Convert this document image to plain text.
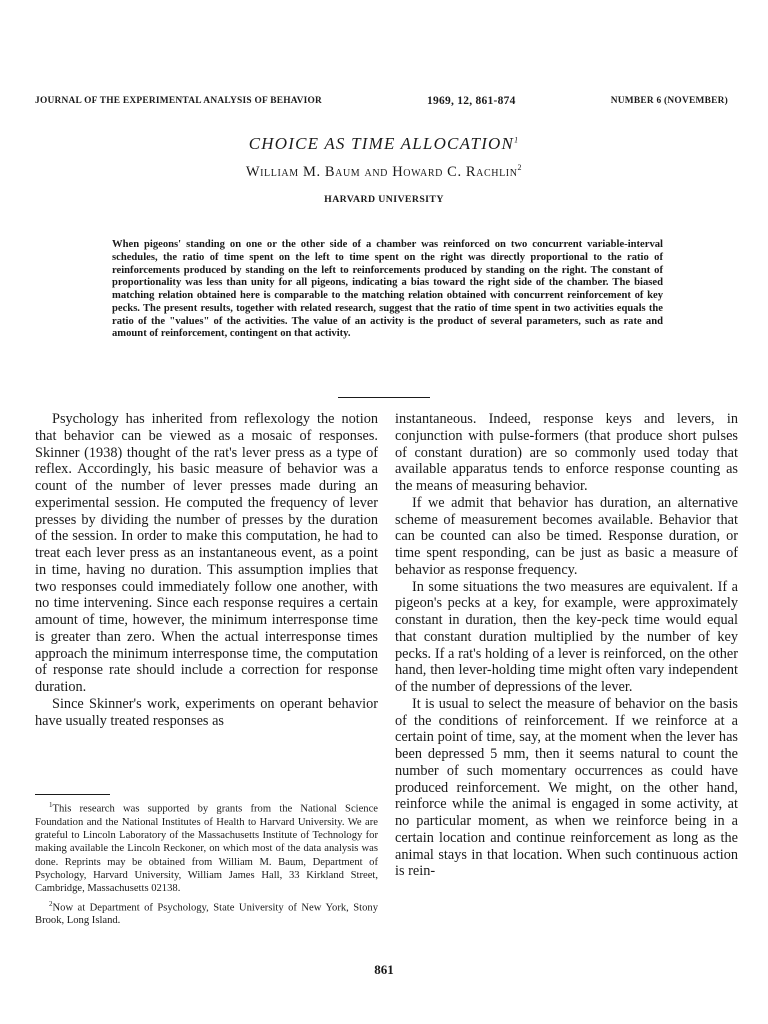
JOURNAL OF THE EXPERIMENTAL ANALYSIS OF BEHAVIOR	1969, 12, 861-874	NUMBER 6 (NOVEMBER)
CHOICE AS TIME ALLOCATION$^1$
William M. Baum and Howard C. Rachlin$^2$
HARVARD UNIVERSITY
When pigeons' standing on one or the other side of a chamber was reinforced on two concurrent variable-interval schedules, the ratio of time spent on the left to time spent on the right was directly proportional to the ratio of reinforcements produced by standing on the left to reinforcements produced by standing on the right. The constant of proportionality was less than unity for all pigeons, indicating a bias toward the right side of the chamber. The biased matching relation obtained here is comparable to the matching relation obtained with concurrent reinforcement of key pecks. The present results, together with related research, suggest that the ratio of time spent in two activities equals the ratio of the "values" of the activities. The value of an activity is the product of several parameters, such as rate and amount of reinforcement, contingent on that activity.

Psychology has inherited from reflexology the notion that behavior can be viewed as a mosaic of responses. Skinner (1938) thought of the rat's lever press as a type of reflex. Accordingly, his basic measure of behavior was a count of the number of lever presses made during an experimental session. He computed the frequency of lever presses by dividing the number of presses by the duration of the session. In order to make this computation, he had to treat each lever press as an instantaneous event, as a point in time, having no duration. This assumption implies that two responses could immediately follow one another, with no time intervening. Since each response requires a certain amount of time, however, the minimum interresponse time is greater than zero. When the actual interresponse times approach the minimum interresponse time, the computation of response rate should include a correction for response duration.

Since Skinner's work, experiments on operant behavior have usually treated responses as

$^1$This research was supported by grants from the National Science Foundation and the National Institutes of Health to Harvard University. We are grateful to Lincoln Laboratory of the Massachusetts Institute of Technology for making available the Lincoln Reckoner, on which most of the data analysis was done. Reprints may be obtained from William M. Baum, Department of Psychology, Harvard University, William James Hall, 33 Kirkland Street, Cambridge, Massachusetts 02138.

$^2$Now at Department of Psychology, State University of New York, Stony Brook, Long Island.

instantaneous. Indeed, response keys and levers, in conjunction with pulse-formers (that produce short pulses of constant duration) are so commonly used today that available apparatus tends to enforce response counting as the means of measuring behavior.

If we admit that behavior has duration, an alternative scheme of measurement becomes available. Behavior that can be counted can also be timed. Response duration, or time spent responding, can be just as basic a measure of behavior as response frequency.

In some situations the two measures are equivalent. If a pigeon's pecks at a key, for example, were approximately constant in duration, then the key-peck time would equal that constant duration multiplied by the number of key pecks. If a rat's holding of a lever is reinforced, on the other hand, then lever-holding time might often vary independent of the number of depressions of the lever.

It is usual to select the measure of behavior on the basis of the conditions of reinforcement. If we reinforce at a certain point of time, say, at the moment when the lever has been depressed 5 mm, then it seems natural to count the number of such momentary occurrences as could have produced reinforcement. We might, on the other hand, reinforce while the animal is engaged in some activity, at no particular moment, as when we reinforce being in a certain location and continue reinforcement as long as the animal stays in that location. When such continuous action is rein-

861
